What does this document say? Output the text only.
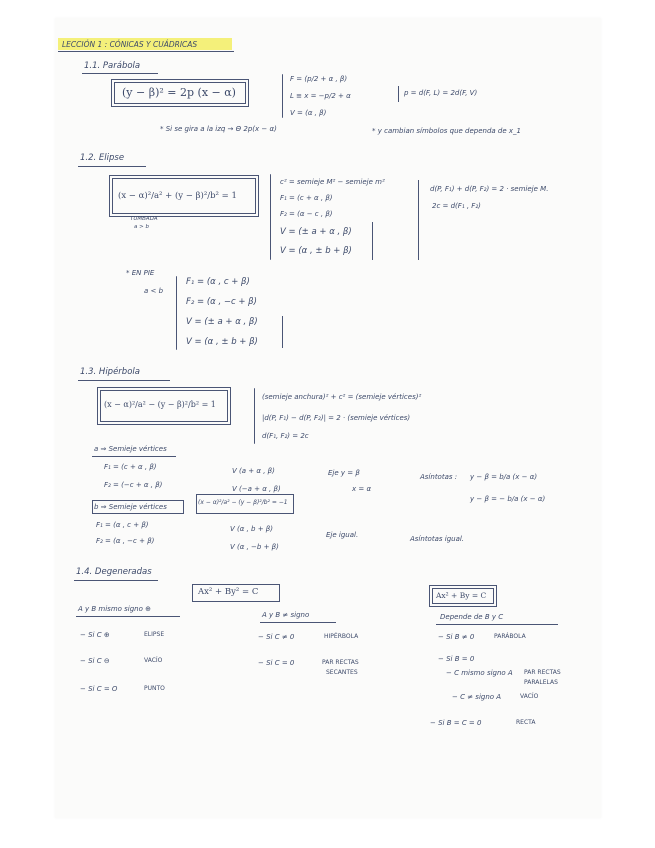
LECCIÓN 1 : CÓNICAS Y CUÁDRICAS
1.1. Parábola
(y − β)² = 2p (x − α)
F = (p/2 + α , β)
L ≡ x = −p/2 + α
V = (α , β)
p = d(F, L) = 2d(F, V)
* Si se gira a la izq → Θ 2p(x − α)	* y cambian símbolos que dependa de x_1
1.2. Elipse
(x − α)²/a² + (y − β)²/b² = 1
TUMBADA
a > b
c² = semieje M² − semieje m²
F₁ = (c + α , β)
F₂ = (α − c , β)
V = (± a + α , β)
V = (α , ± b + β)
d(P, F₁) + d(P, F₂) = 2 · semieje M.
2c = d(F₁ , F₂)
* EN PIE
a < b
F₁ = (α , c + β)
F₂ = (α , −c + β)
V = (± a + α , β)
V = (α , ± b + β)
1.3. Hipérbola
(x − α)²/a² − (y − β)²/b² = 1
(semieje anchura)² + c² = (semieje vértices)²
|d(P, F₁) − d(P, F₂)| = 2 · (semieje vértices)
d(F₁, F₂) = 2c
a ⇒ Semieje vértices
F₁ = (c + α , β)
F₂ = (−c + α , β)
V (a + α , β)
V (−a + α , β)
Eje y = β
x = α
Asíntotas : y − β = b/a (x − α)
y − β = − b/a (x − α)
b ⇒ Semieje vértices
(x − α)²/a² − (y − β)²/b² = −1
F₁ = (α , c + β)
F₂ = (α , −c + β)
V (α , b + β)
V (α , −b + β)
Eje igual.	Asíntotas igual.
1.4. Degeneradas
Ax² + By² = C	Ax² + By = C
A y B mismo signo ⊕
− Si C ⊕	ELIPSE
− Si C ⊖	VACÍO
− Si C = O	PUNTO
A y B ≠ signo
− Si C ≠ 0	HIPÉRBOLA
− Si C = 0	PAR RECTAS
SECANTES
Depende de B y C
− Si B ≠ 0	PARÁBOLA
− Si B = 0
− C mismo signo A PAR RECTAS
PARALELAS
− C ≠ signo A	VACÍO
− Si B = C = 0	RECTA
